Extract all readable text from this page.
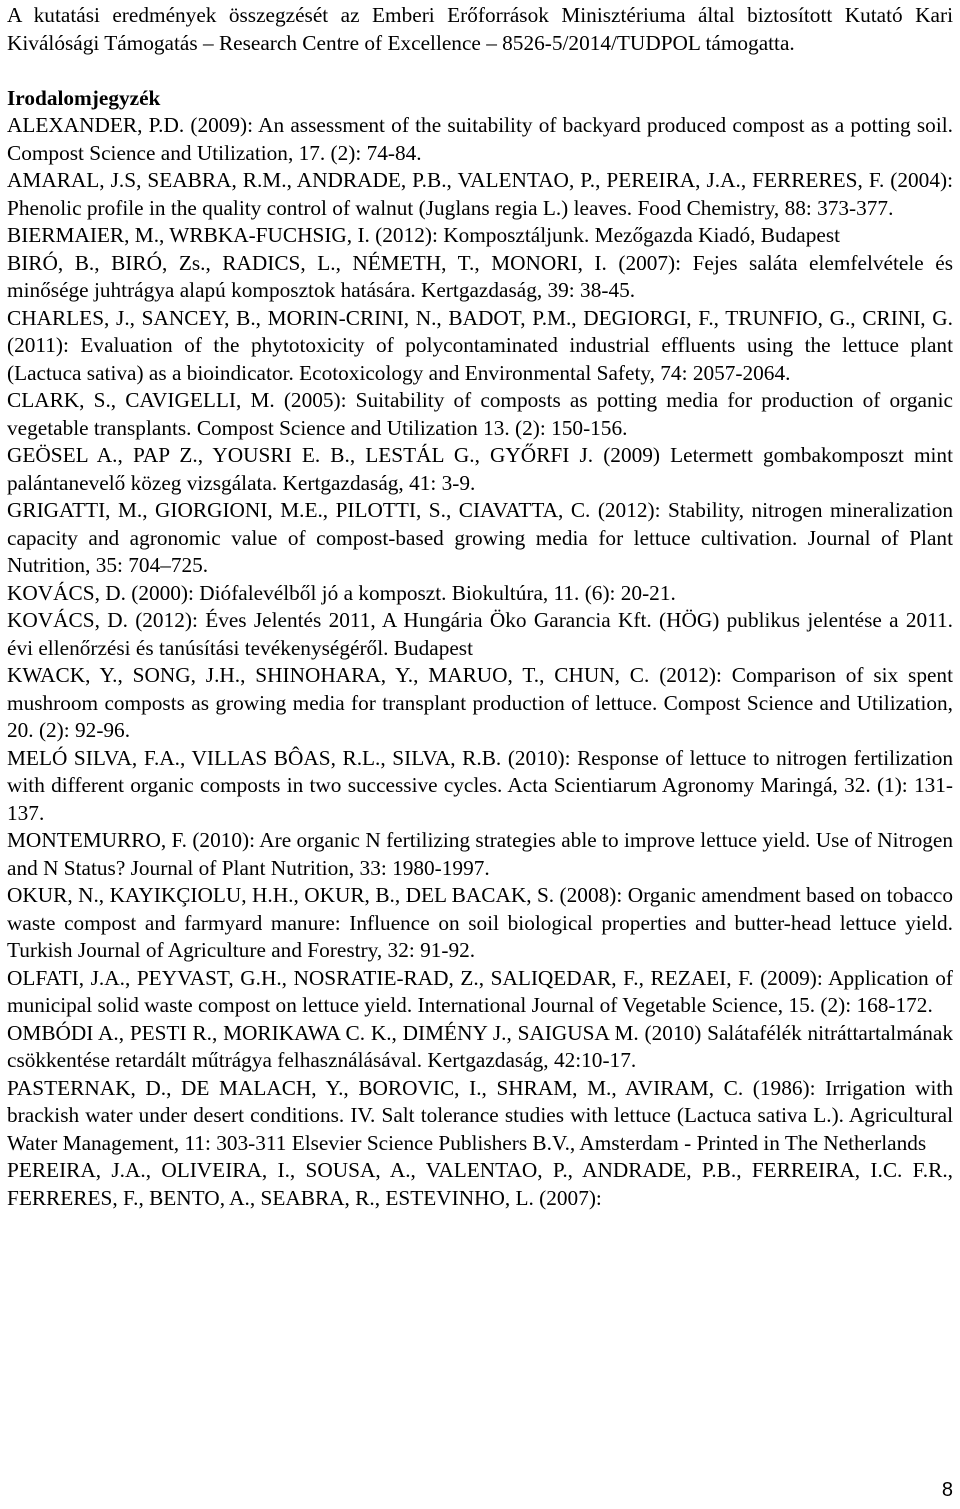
A kutatási eredmények összegzését az Emberi Erőforrások Minisztériuma által biztosított Kutató Kari Kiválósági Támogatás – Research Centre of Excellence – 8526-5/2014/TUDPOL támogatta.

Irodalomjegyzék
ALEXANDER, P.D. (2009): An assessment of the suitability of backyard produced compost as a potting soil. Compost Science and Utilization, 17. (2): 74-84.
AMARAL, J.S, SEABRA, R.M., ANDRADE, P.B., VALENTAO, P., PEREIRA, J.A., FERRERES, F. (2004): Phenolic profile in the quality control of walnut (Juglans regia L.) leaves. Food Chemistry, 88: 373-377.
BIERMAIER, M., WRBKA-FUCHSIG, I. (2012): Komposztáljunk. Mezőgazda Kiadó, Budapest
BIRÓ, B., BIRÓ, Zs., RADICS, L., NÉMETH, T., MONORI, I. (2007): Fejes saláta elemfelvétele és minősége juhtrágya alapú komposztok hatására. Kertgazdaság, 39: 38-45.
CHARLES, J., SANCEY, B., MORIN-CRINI, N., BADOT, P.M., DEGIORGI, F., TRUNFIO, G., CRINI, G. (2011): Evaluation of the phytotoxicity of polycontaminated industrial effluents using the lettuce plant (Lactuca sativa) as a bioindicator. Ecotoxicology and Environmental Safety, 74: 2057-2064.
CLARK, S., CAVIGELLI, M. (2005): Suitability of composts as potting media for production of organic vegetable transplants. Compost Science and Utilization 13. (2): 150-156.
GEÖSEL A., PAP Z., YOUSRI E. B., LESTÁL G., GYŐRFI J. (2009) Letermett gombakomposzt mint palántanevelő közeg vizsgálata. Kertgazdaság, 41: 3-9.
GRIGATTI, M., GIORGIONI, M.E., PILOTTI, S., CIAVATTA, C. (2012): Stability, nitrogen mineralization capacity and agronomic value of compost-based growing media for lettuce cultivation. Journal of Plant Nutrition, 35: 704–725.
KOVÁCS, D. (2000): Diófalevélből jó a komposzt. Biokultúra, 11. (6): 20-21.
KOVÁCS, D. (2012): Éves Jelentés 2011, A Hungária Öko Garancia Kft. (HÖG) publikus jelentése a 2011. évi ellenőrzési és tanúsítási tevékenységéről. Budapest
KWACK, Y., SONG, J.H., SHINOHARA, Y., MARUO, T., CHUN, C. (2012): Comparison of six spent mushroom composts as growing media for transplant production of lettuce. Compost Science and Utilization, 20. (2): 92-96.
MELÓ SILVA, F.A., VILLAS BÔAS, R.L., SILVA, R.B. (2010): Response of lettuce to nitrogen fertilization with different organic composts in two successive cycles. Acta Scientiarum Agronomy Maringá, 32. (1): 131-137.
MONTEMURRO, F. (2010): Are organic N fertilizing strategies able to improve lettuce yield. Use of Nitrogen and N Status? Journal of Plant Nutrition, 33: 1980-1997.
OKUR, N., KAYIKÇIOLU, H.H., OKUR, B., DEL BACAK, S. (2008): Organic amendment based on tobacco waste compost and farmyard manure: Influence on soil biological properties and butter-head lettuce yield. Turkish Journal of Agriculture and Forestry, 32: 91-92.
OLFATI, J.A., PEYVAST, G.H., NOSRATIE-RAD, Z., SALIQEDAR, F., REZAEI, F. (2009): Application of municipal solid waste compost on lettuce yield. International Journal of Vegetable Science, 15. (2): 168-172.
OMBÓDI A., PESTI R., MORIKAWA C. K., DIMÉNY J., SAIGUSA M. (2010) Salátafélék nitráttartalmának csökkentése retardált műtrágya felhasználásával. Kertgazdaság, 42:10-17.
PASTERNAK, D., DE MALACH, Y., BOROVIC, I., SHRAM, M., AVIRAM, C. (1986): Irrigation with brackish water under desert conditions. IV. Salt tolerance studies with lettuce (Lactuca sativa L.). Agricultural Water Management, 11: 303-311 Elsevier Science Publishers B.V., Amsterdam - Printed in The Netherlands
PEREIRA, J.A., OLIVEIRA, I., SOUSA, A., VALENTAO, P., ANDRADE, P.B., FERREIRA, I.C. F.R., FERRERES, F., BENTO, A., SEABRA, R., ESTEVINHO, L. (2007):
8
